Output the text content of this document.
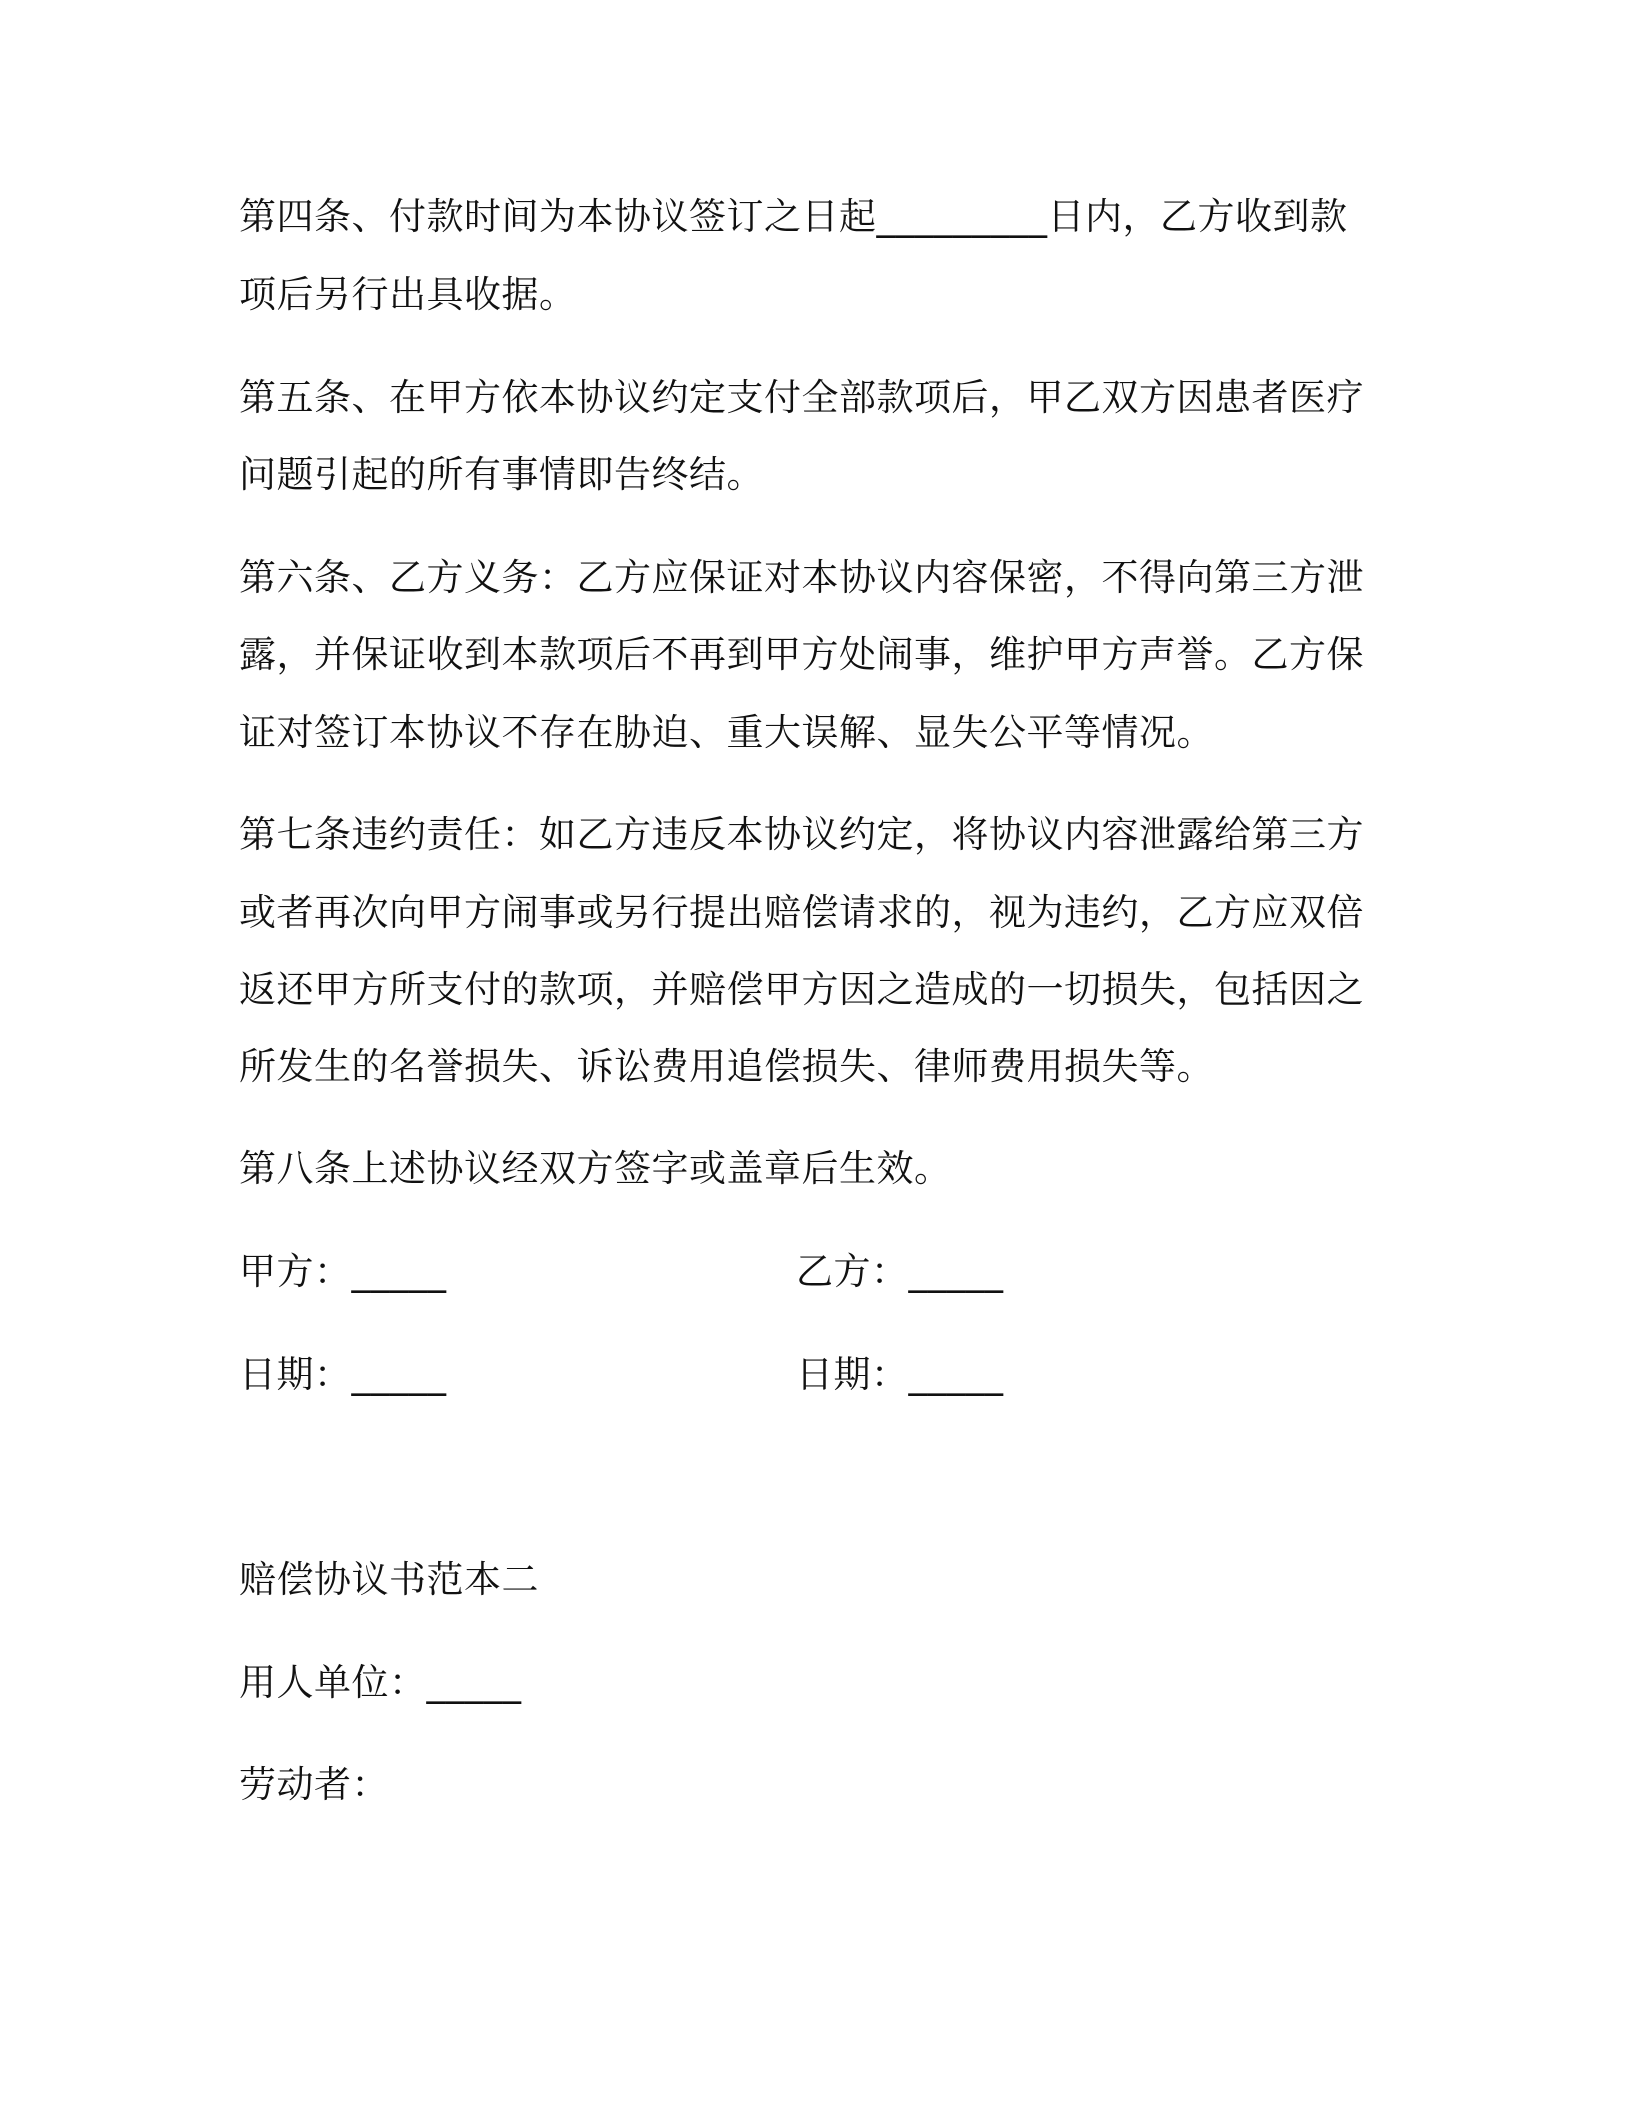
第四条、付款时间为本协议签订之日起_________日内，乙方收到款
项后另行出具收据。
第五条、在甲方依本协议约定支付全部款项后，甲乙双方因患者医疗
问题引起的所有事情即告终结。
第六条、乙方义务：乙方应保证对本协议内容保密，不得向第三方泄
露，并保证收到本款项后不再到甲方处闹事，维护甲方声誉。乙方保
证对签订本协议不存在胁迫、重大误解、显失公平等情况。
第七条违约责任：如乙方违反本协议约定，将协议内容泄露给第三方
或者再次向甲方闹事或另行提出赔偿请求的，视为违约，乙方应双倍
返还甲方所支付的款项，并赔偿甲方因之造成的一切损失，包括因之
所发生的名誉损失、诉讼费用追偿损失、律师费用损失等。
第八条上述协议经双方签字或盖章后生效。
甲方：_____	乙方：_____
日期：_____	日期：_____
赔偿协议书范本二
用人单位：_____
劳动者：
